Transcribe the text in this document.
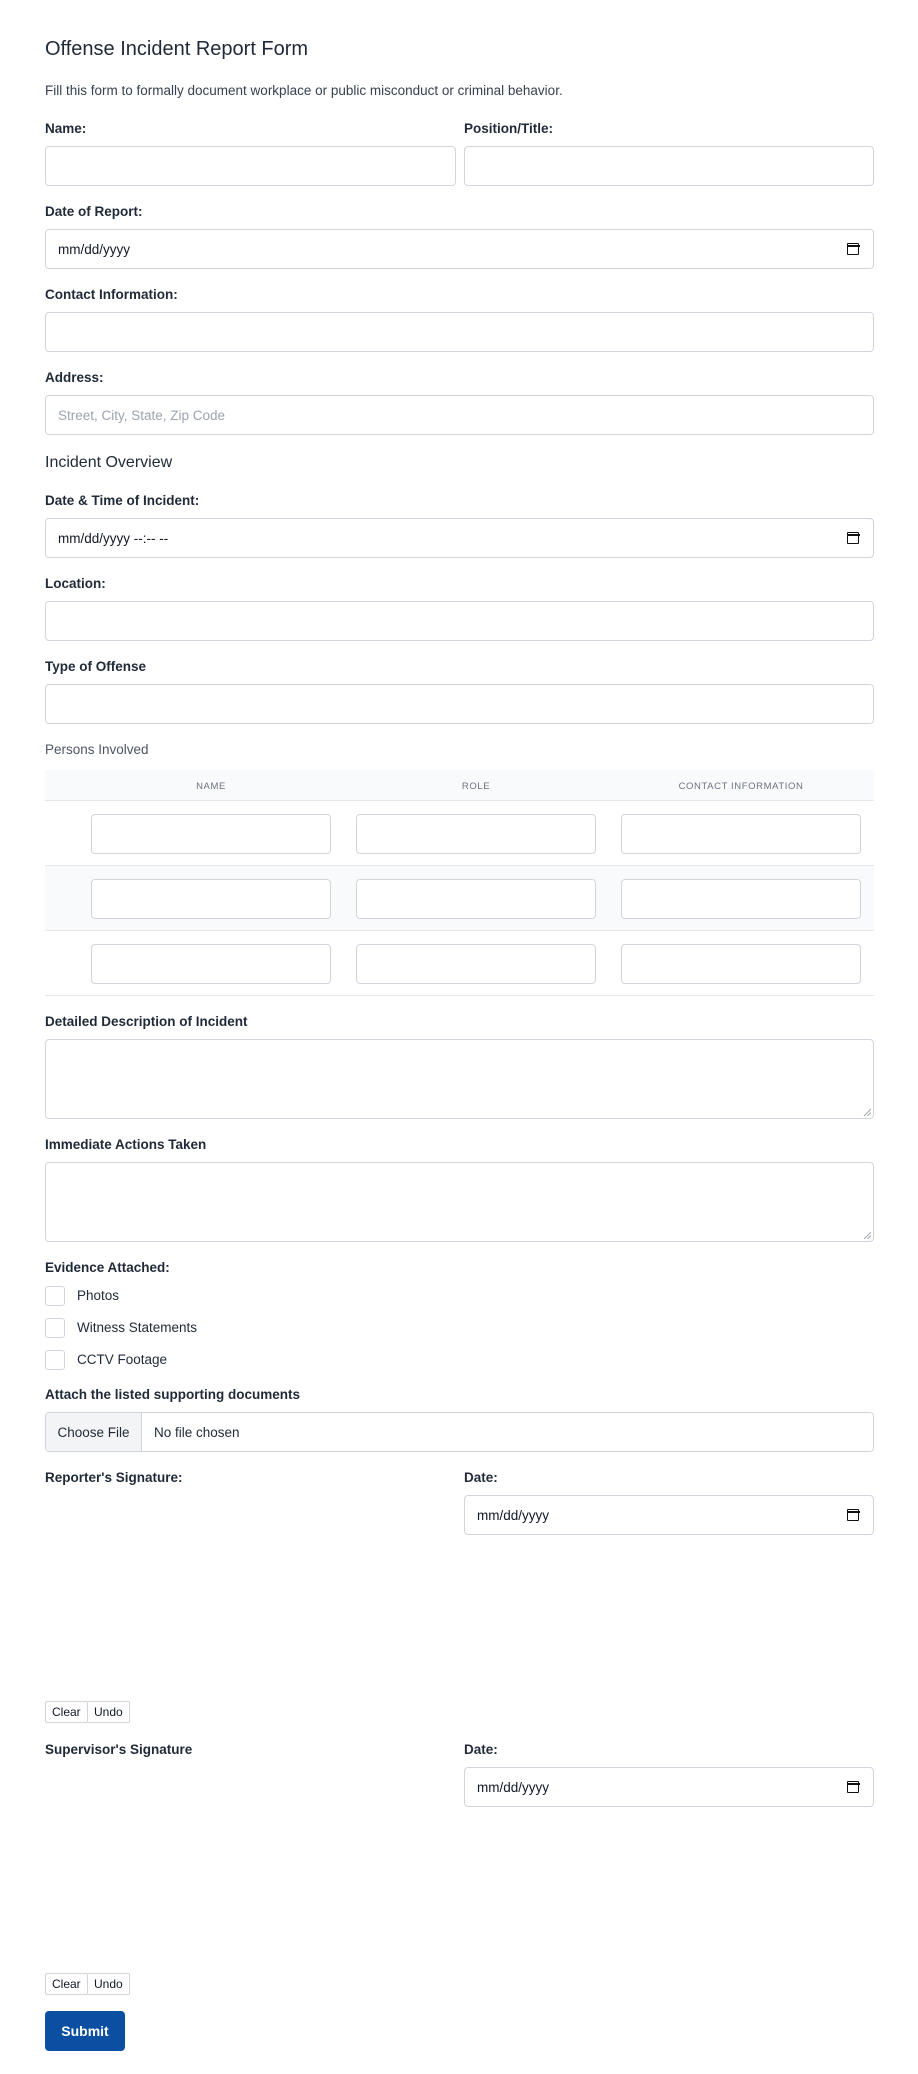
Offense Incident Report Form
Fill this form to formally document workplace or public misconduct or criminal behavior.
Name:	Position/Title:
Date of Report:
mm/dd/yyyy
Contact Information:
Address:
Street, City, State, Zip Code
Incident Overview
Date & Time of Incident:
mm/dd/yyyy --:-- --
Location:
Type of Offense
Persons Involved
NAME	ROLE	CONTACT INFORMATION
Detailed Description of Incident
Immediate Actions Taken
Evidence Attached:
Photos
Witness Statements
CCTV Footage
Attach the listed supporting documents
Choose File	No file chosen
Reporter's Signature:	Date:
mm/dd/yyyy
Clear	Undo
Supervisor's Signature	Date:
mm/dd/yyyy
Clear	Undo
Submit
